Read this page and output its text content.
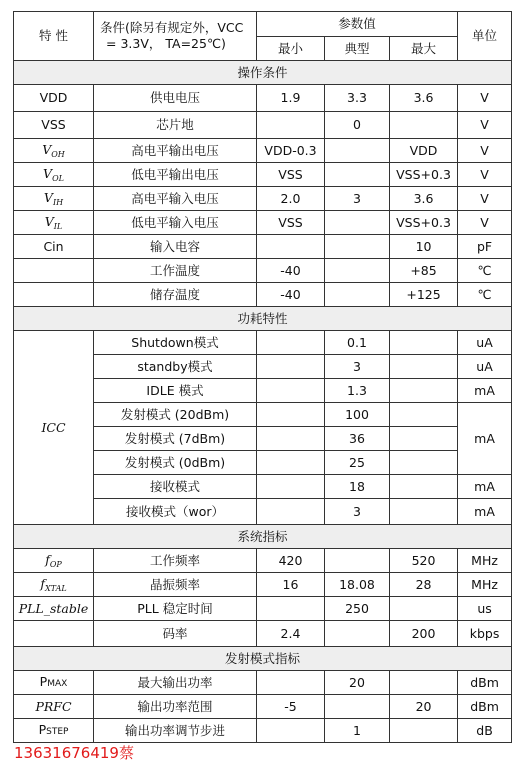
特 性	条件(除另有规定外，VCC
= 3.3V， TA=25℃)	参数值			单位
		最小	典型	最大	
操作条件					
VDD	供电电压	1.9	3.3	3.6	V
VSS	芯片地		0		V
$V_{OH}$	高电平输出电压	VDD-0.3		VDD	V
$V_{OL}$	低电平输出电压	VSS		VSS+0.3	V
$V_{IH}$	高电平输入电压	2.0	3	3.6	V
$V_{IL}$	低电平输入电压	VSS		VSS+0.3	V
Cin	输入电容			10	pF
	工作温度	-40		+85	℃
	储存温度	-40		+125	℃
功耗特性					
ICC	Shutdown模式		0.1		uA
	standby模式		3		uA
	IDLE 模式		1.3		mA
	发射模式 (20dBm)		100		mA
	发射模式 (7dBm)		36		
	发射模式 (0dBm)		25		
	接收模式		18		mA
	接收模式（wor）		3		mA
系统指标					
$f_{OP}$	工作频率	420		520	MHz
$f_{XTAL}$	晶振频率	16	18.08	28	MHz
PLL_stable	PLL 稳定时间		250		us
	码率	2.4		200	kbps
发射模式指标					
PMAX	最大输出功率		20		dBm
PRFC	输出功率范围	-5		20	dBm
PSTEP	输出功率调节步进		1		dB
13631676419蔡
